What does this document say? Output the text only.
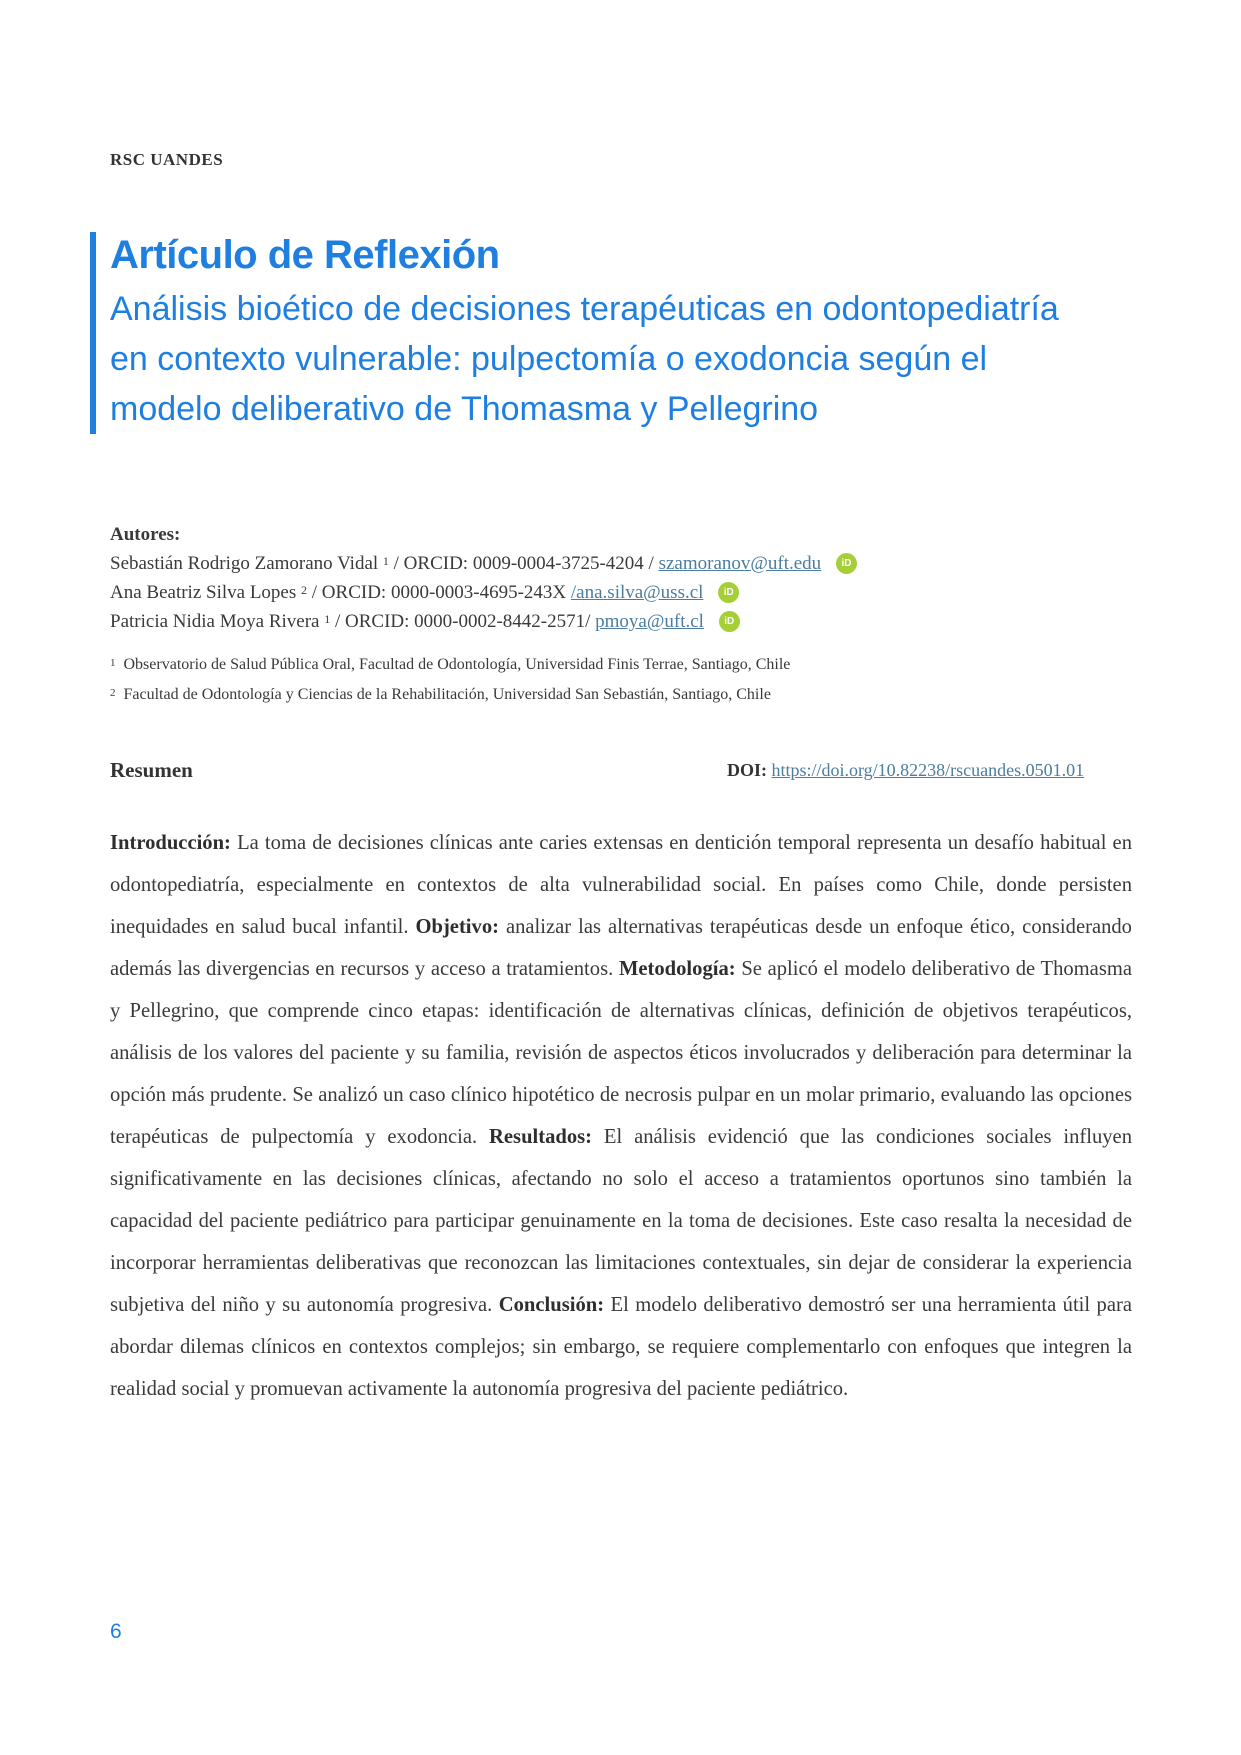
RSC UANDES
Artículo de Reflexión
Análisis bioético de decisiones terapéuticas en odontopediatría en contexto vulnerable: pulpectomía o exodoncia según el modelo deliberativo de Thomasma y Pellegrino
Autores:
Sebastián Rodrigo Zamorano Vidal $^1$ / ORCID: 0009-0004-3725-4204 / szamoranov@uft.edu iD
Ana Beatriz Silva Lopes $^2$ / ORCID: 0000-0003-4695-243X /ana.silva@uss.cl iD
Patricia Nidia Moya Rivera $^1$ / ORCID: 0000-0002-8442-2571/ pmoya@uft.cl iD
$^1$ Observatorio de Salud Pública Oral, Facultad de Odontología, Universidad Finis Terrae, Santiago, Chile
$^2$ Facultad de Odontología y Ciencias de la Rehabilitación, Universidad San Sebastián, Santiago, Chile
Resumen	DOI: https://doi.org/10.82238/rscuandes.0501.01
Introducción: La toma de decisiones clínicas ante caries extensas en dentición temporal representa un desafío habitual en odontopediatría, especialmente en contextos de alta vulnerabilidad social. En países como Chile, donde persisten inequidades en salud bucal infantil. Objetivo: analizar las alternativas terapéuticas desde un enfoque ético, considerando además las divergencias en recursos y acceso a tratamientos. Metodología: Se aplicó el modelo deliberativo de Thomasma y Pellegrino, que comprende cinco etapas: identificación de alternativas clínicas, definición de objetivos terapéuticos, análisis de los valores del paciente y su familia, revisión de aspectos éticos involucrados y deliberación para determinar la opción más prudente. Se analizó un caso clínico hipotético de necrosis pulpar en un molar primario, evaluando las opciones terapéuticas de pulpectomía y exodoncia. Resultados: El análisis evidenció que las condiciones sociales influyen significativamente en las decisiones clínicas, afectando no solo el acceso a tratamientos oportunos sino también la capacidad del paciente pediátrico para participar genuinamente en la toma de decisiones. Este caso resalta la necesidad de incorporar herramientas deliberativas que reconozcan las limitaciones contextuales, sin dejar de considerar la experiencia subjetiva del niño y su autonomía progresiva. Conclusión: El modelo deliberativo demostró ser una herramienta útil para abordar dilemas clínicos en contextos complejos; sin embargo, se requiere complementarlo con enfoques que integren la realidad social y promuevan activamente la autonomía progresiva del paciente pediátrico.
6
